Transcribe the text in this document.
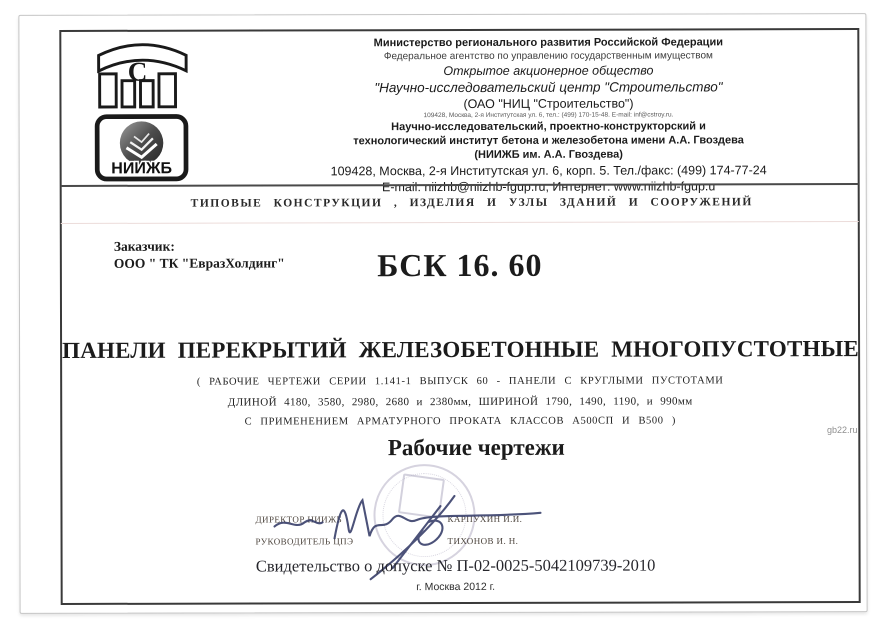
С
НИИЖБ
Министерство регионального развития Российской Федерации
Федеральное агентство по управлению государственным имуществом
Открытое акционерное общество
"Научно-исследовательский центр "Строительство"
(ОАО "НИЦ "Строительство")
109428, Москва, 2-я Институтская ул. 6, тел.: (499) 170-15-48. E-mail: inf@cstroy.ru.
Научно-исследовательский, проектно-конструкторский и
технологический институт бетона и железобетона имени А.А. Гвоздева
(НИИЖБ им. А.А. Гвоздева)
109428, Москва, 2-я Институтская ул. 6, корп. 5. Тел./факс: (499) 174-77-24
E-mail: niizhb@niizhb-fgup.ru; Интернет: www.niizhb-fgup.u
ТИПОВЫЕ КОНСТРУКЦИИ , ИЗДЕЛИЯ И УЗЛЫ ЗДАНИЙ И СООРУЖЕНИЙ
Заказчик:
ООО " ТК "ЕвразХолдинг"	БСК 16. 60
ПАНЕЛИ ПЕРЕКРЫТИЙ ЖЕЛЕЗОБЕТОННЫЕ МНОГОПУСТОТНЫЕ
( РАБОЧИЕ ЧЕРТЕЖИ СЕРИИ 1.141-1 ВЫПУСК 60 - ПАНЕЛИ С КРУГЛЫМИ ПУСТОТАМИ
ДЛИНОЙ 4180, 3580, 2980, 2680 и 2380мм, ШИРИНОЙ 1790, 1490, 1190, и 990мм
С ПРИМЕНЕНИЕМ АРМАТУРНОГО ПРОКАТА КЛАССОВ А500СП И В500 )
Рабочие чертежи
ДИРЕКТОР НИИЖБ	КАРПУХИН И.И.
РУКОВОДИТЕЛЬ ЦПЭ	ТИХОНОВ И. Н.
Свидетельство о допуске № П-02-0025-5042109739-2010
г. Москва 2012 г.
gb22.ru
